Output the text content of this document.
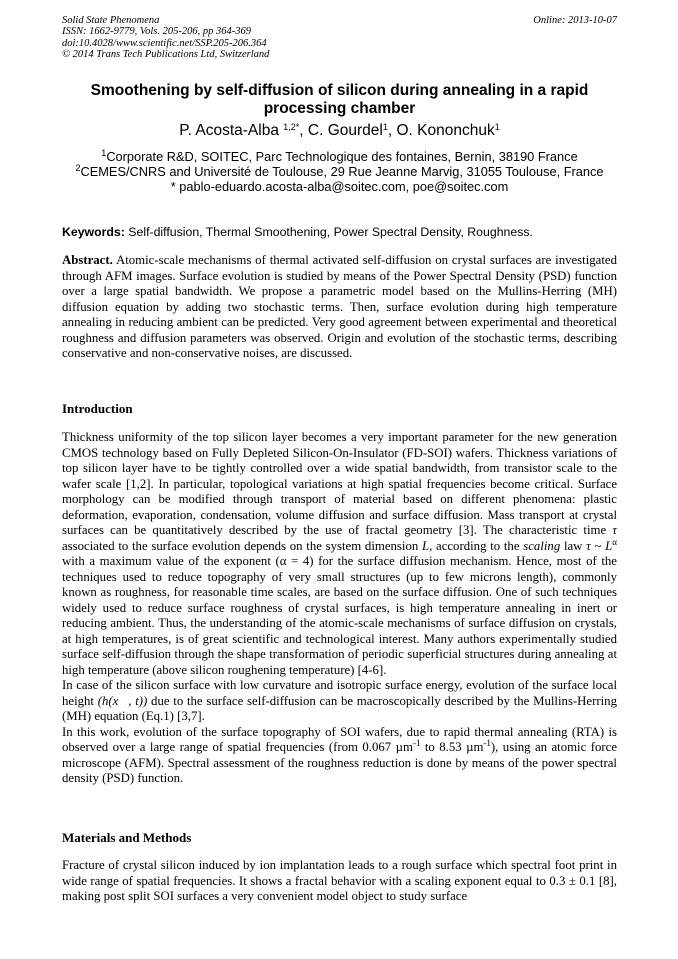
Solid State Phenomena
ISSN: 1662-9779, Vols. 205-206, pp 364-369
doi:10.4028/www.scientific.net/SSP.205-206.364
© 2014 Trans Tech Publications Ltd, Switzerland
Online: 2013-10-07
Smoothening by self-diffusion of silicon during annealing in a rapid processing chamber
P. Acosta-Alba $^{1,2*}$, C. Gourdel$^1$, O. Kononchuk$^1$
$^1$Corporate R&D, SOITEC, Parc Technologique des fontaines, Bernin, 38190 France
$^2$CEMES/CNRS and Université de Toulouse, 29 Rue Jeanne Marvig, 31055 Toulouse, France
* pablo-eduardo.acosta-alba@soitec.com, poe@soitec.com
Keywords: Self-diffusion, Thermal Smoothening, Power Spectral Density, Roughness.
Abstract. Atomic-scale mechanisms of thermal activated self-diffusion on crystal surfaces are investigated through AFM images. Surface evolution is studied by means of the Power Spectral Density (PSD) function over a large spatial bandwidth. We propose a parametric model based on the Mullins-Herring (MH) diffusion equation by adding two stochastic terms. Then, surface evolution during high temperature annealing in reducing ambient can be predicted. Very good agreement between experimental and theoretical roughness and diffusion parameters was observed. Origin and evolution of the stochastic terms, describing conservative and non-conservative noises, are discussed.
Introduction

Thickness uniformity of the top silicon layer becomes a very important parameter for the new generation CMOS technology based on Fully Depleted Silicon-On-Insulator (FD-SOI) wafers. Thickness variations of top silicon layer have to be tightly controlled over a wide spatial bandwidth, from transistor scale to the wafer scale [1,2]. In particular, topological variations at high spatial frequencies become critical. Surface morphology can be modified through transport of material based on different phenomena: plastic deformation, evaporation, condensation, volume diffusion and surface diffusion. Mass transport at crystal surfaces can be quantitatively described by the use of fractal geometry [3]. The characteristic time τ associated to the surface evolution depends on the system dimension L, according to the scaling law τ ~ $L^\alpha$ with a maximum value of the exponent (α = 4) for the surface diffusion mechanism. Hence, most of the techniques used to reduce topography of very small structures (up to few microns length), commonly known as roughness, for reasonable time scales, are based on the surface diffusion. One of such techniques widely used to reduce surface roughness of crystal surfaces, is high temperature annealing in inert or reducing ambient. Thus, the understanding of the atomic-scale mechanisms of surface diffusion on crystals, at high temperatures, is of great scientific and technological interest. Many authors experimentally studied surface self-diffusion through the shape transformation of periodic superficial structures during annealing at high temperature (above silicon roughening temperature) [4-6].

In case of the silicon surface with low curvature and isotropic surface energy, evolution of the surface local height (h(x⃗, t)) due to the surface self-diffusion can be macroscopically described by the Mullins-Herring (MH) equation (Eq.1) [3,7].

In this work, evolution of the surface topography of SOI wafers, due to rapid thermal annealing (RTA) is observed over a large range of spatial frequencies (from 0.067 µm$^{-1}$ to 8.53 µm$^{-1}$), using an atomic force microscope (AFM). Spectral assessment of the roughness reduction is done by means of the power spectral density (PSD) function.

Materials and Methods

Fracture of crystal silicon induced by ion implantation leads to a rough surface which spectral foot print in wide range of spatial frequencies. It shows a fractal behavior with a scaling exponent equal to 0.3 ± 0.1 [8], making post split SOI surfaces a very convenient model object to study surface
